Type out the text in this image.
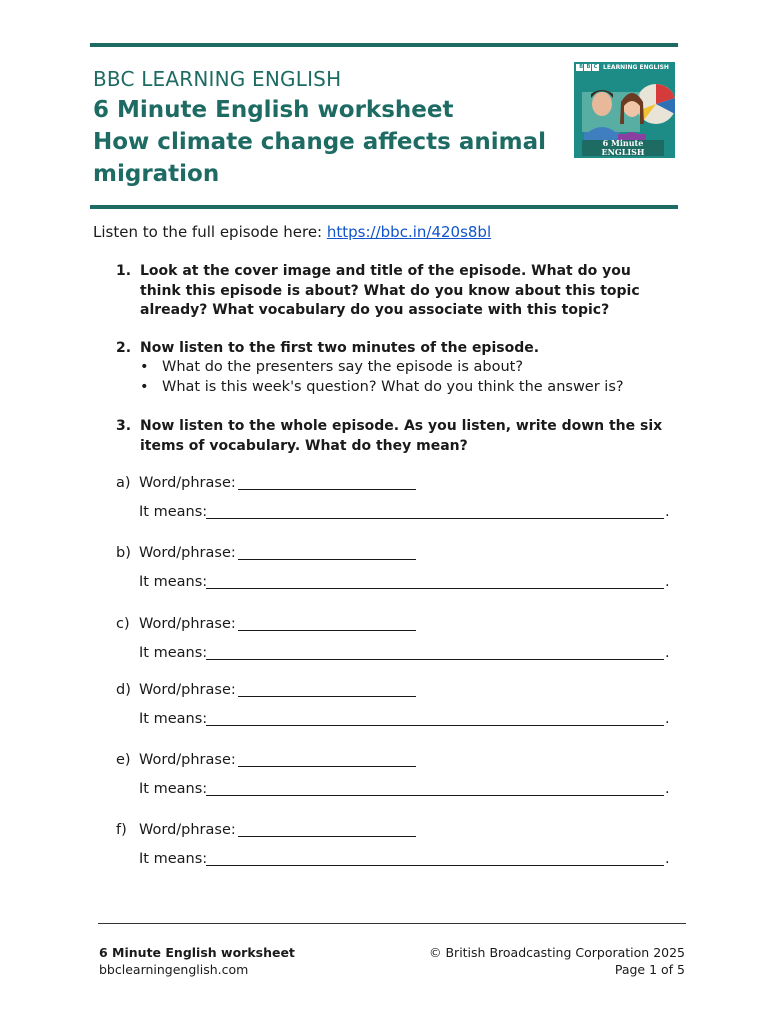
BBC LEARNING ENGLISH
6 Minute English worksheet
How climate change affects animal migration
BBC LEARNING ENGLISH
6 Minute
ENGLISH
Listen to the full episode here: https://bbc.in/420s8bl
1. Look at the cover image and title of the episode. What do you think this episode is about? What do you know about this topic already? What vocabulary do you associate with this topic?
2. Now listen to the first two minutes of the episode.
• What do the presenters say the episode is about?
• What is this week's question? What do you think the answer is?
3. Now listen to the whole episode. As you listen, write down the six items of vocabulary. What do they mean?
a) Word/phrase:
It means:	.
b) Word/phrase:
It means:	.
c) Word/phrase:
It means:	.
d) Word/phrase:
It means:	.
e) Word/phrase:
It means:	.
f) Word/phrase:
It means:	.
6 Minute English worksheet
bbclearningenglish.com
© British Broadcasting Corporation 2025
Page 1 of 5
